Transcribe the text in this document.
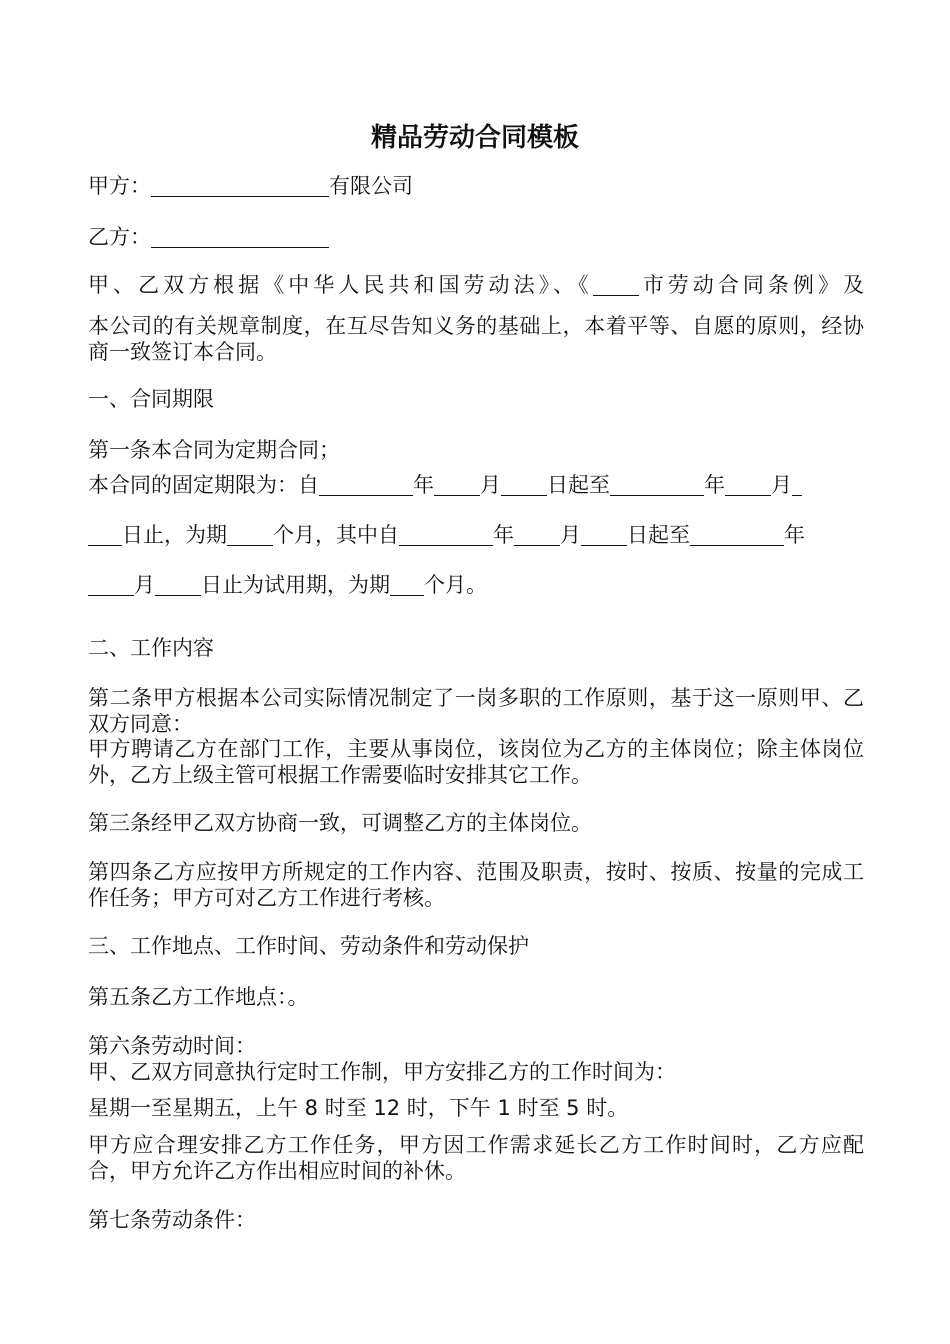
精品劳动合同模板

甲方：	有限公司

乙方：

甲、乙双方根据《中华人民共和国劳动法》、《 市劳动合同条例》及

本公司的有关规章制度，在互尽告知义务的基础上，本着平等、自愿的原则，经协商一致签订本合同。

一、合同期限

第一条本合同为定期合同；

本合同的固定期限为：自	年 月 日起至	年 月

日止，为期 个月，其中自	年 月 日起至	年

月 日止为试用期，为期 个月。

二、工作内容

第二条甲方根据本公司实际情况制定了一岗多职的工作原则，基于这一原则甲、乙双方同意：

甲方聘请乙方在部门工作，主要从事岗位，该岗位为乙方的主体岗位；除主体岗位外，乙方上级主管可根据工作需要临时安排其它工作。

第三条经甲乙双方协商一致，可调整乙方的主体岗位。

第四条乙方应按甲方所规定的工作内容、范围及职责，按时、按质、按量的完成工作任务；甲方可对乙方工作进行考核。

三、工作地点、工作时间、劳动条件和劳动保护

第五条乙方工作地点：。

第六条劳动时间：

甲、乙双方同意执行定时工作制，甲方安排乙方的工作时间为：

星期一至星期五，上午 8 时至 12 时，下午 1 时至 5 时。

甲方应合理安排乙方工作任务，甲方因工作需求延长乙方工作时间时，乙方应配合，甲方允许乙方作出相应时间的补休。

第七条劳动条件：
